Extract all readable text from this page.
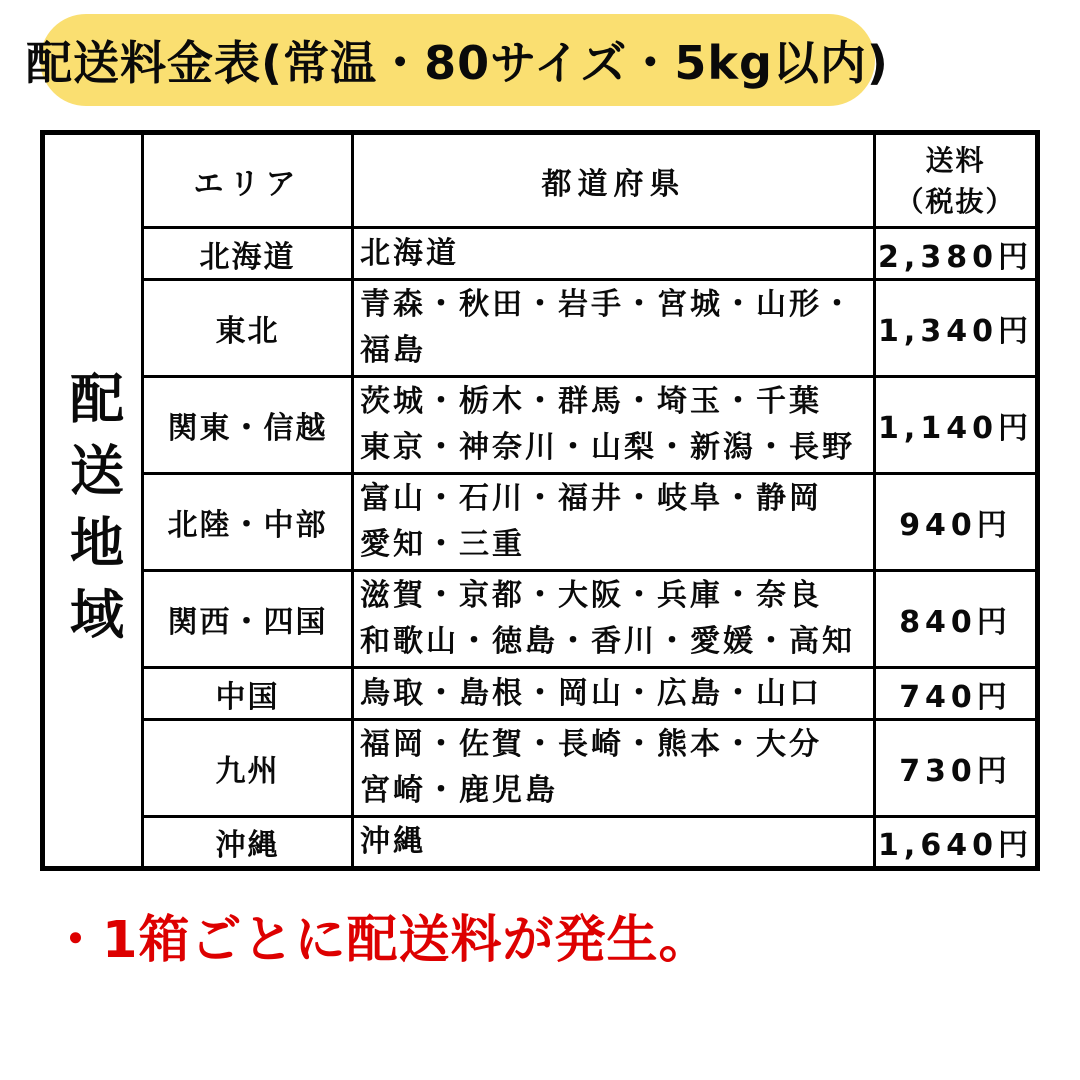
配送料金表(常温・80サイズ・5kg以内)
配送地域	エリア	都道府県	送料
（税抜）

	北海道	北海道	2,380円
	東北	青森・秋田・岩手・宮城・山形・
福島	1,340円
	関東・信越	茨城・栃木・群馬・埼玉・千葉
東京・神奈川・山梨・新潟・長野	1,140円
	北陸・中部	富山・石川・福井・岐阜・静岡
愛知・三重	940円
	関西・四国	滋賀・京都・大阪・兵庫・奈良
和歌山・徳島・香川・愛媛・高知	840円
	中国	鳥取・島根・岡山・広島・山口	740円
	九州	福岡・佐賀・長崎・熊本・大分
宮崎・鹿児島	730円
	沖縄	沖縄	1,640円
・1箱ごとに配送料が発生。
